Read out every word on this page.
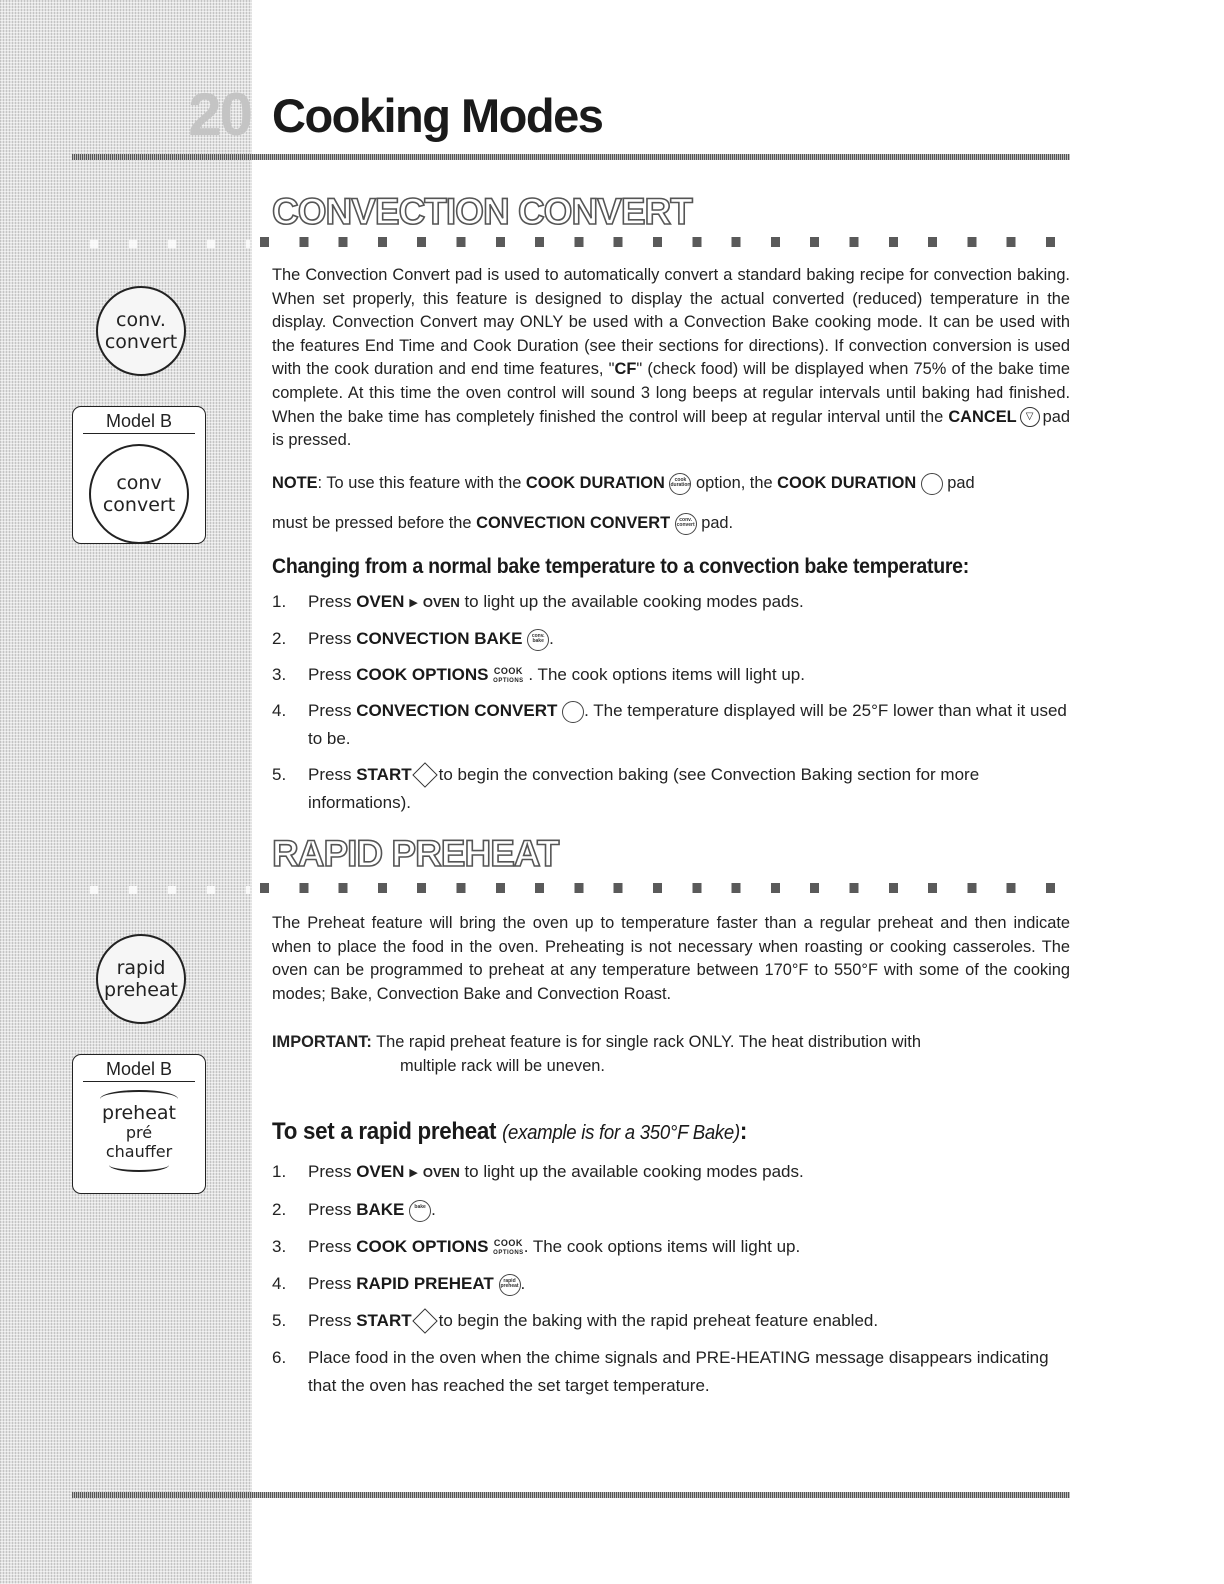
20 Cooking Modes
conv.
convert
Model B
conv
convert
rapid
preheat
Model B
preheat
pré
chauffer
CONVECTION CONVERT

The Convection Convert pad is used to automatically convert a standard baking recipe for convection baking. When set properly, this feature is designed to display the actual converted (reduced) temperature in the display. Convection Convert may ONLY be used with a Convection Bake cooking mode. It can be used with the features End Time and Cook Duration (see their sections for directions). If convection conversion is used with the cook duration and end time features, "CF" (check food) will be displayed when 75% of the bake time complete. At this time the oven control will sound 3 long beeps at regular intervals until baking had finished. When the bake time has completely finished the control will beep at regular interval until the CANCEL ▽ pad is pressed.

NOTE: To use this feature with the COOK DURATION cook duration option, the COOK DURATION pad

must be pressed before the CONVECTION CONVERT conv. convert pad.

Changing from a normal bake temperature to a convection bake temperature:
1.	Press OVEN ▶ OVEN to light up the available cooking modes pads.
2.	Press CONVECTION BAKE conv. bake .
3.	Press COOK OPTIONS COOK
OPTIONS . The cook options items will light up.
4.	Press CONVECTION CONVERT . The temperature displayed will be 25°F lower than what it used to be.
5.	Press START to begin the convection baking (see Convection Baking section for more informations).
RAPID PREHEAT

The Preheat feature will bring the oven up to temperature faster than a regular preheat and then indicate when to place the food in the oven. Preheating is not necessary when roasting or cooking casseroles. The oven can be programmed to preheat at any temperature between 170°F to 550°F with some of the cooking modes; Bake, Convection Bake and Convection Roast.

IMPORTANT: The rapid preheat feature is for single rack ONLY. The heat distribution with
multiple rack will be uneven.
To set a rapid preheat (example is for a 350°F Bake):
1.	Press OVEN ▶ OVEN to light up the available cooking modes pads.
2.	Press BAKE bake .
3.	Press COOK OPTIONS COOK
OPTIONS. The cook options items will light up.
4.	Press RAPID PREHEAT rapid preheat .
5.	Press START to begin the baking with the rapid preheat feature enabled.
6.	Place food in the oven when the chime signals and PRE-HEATING message disappears indicating that the oven has reached the set target temperature.
